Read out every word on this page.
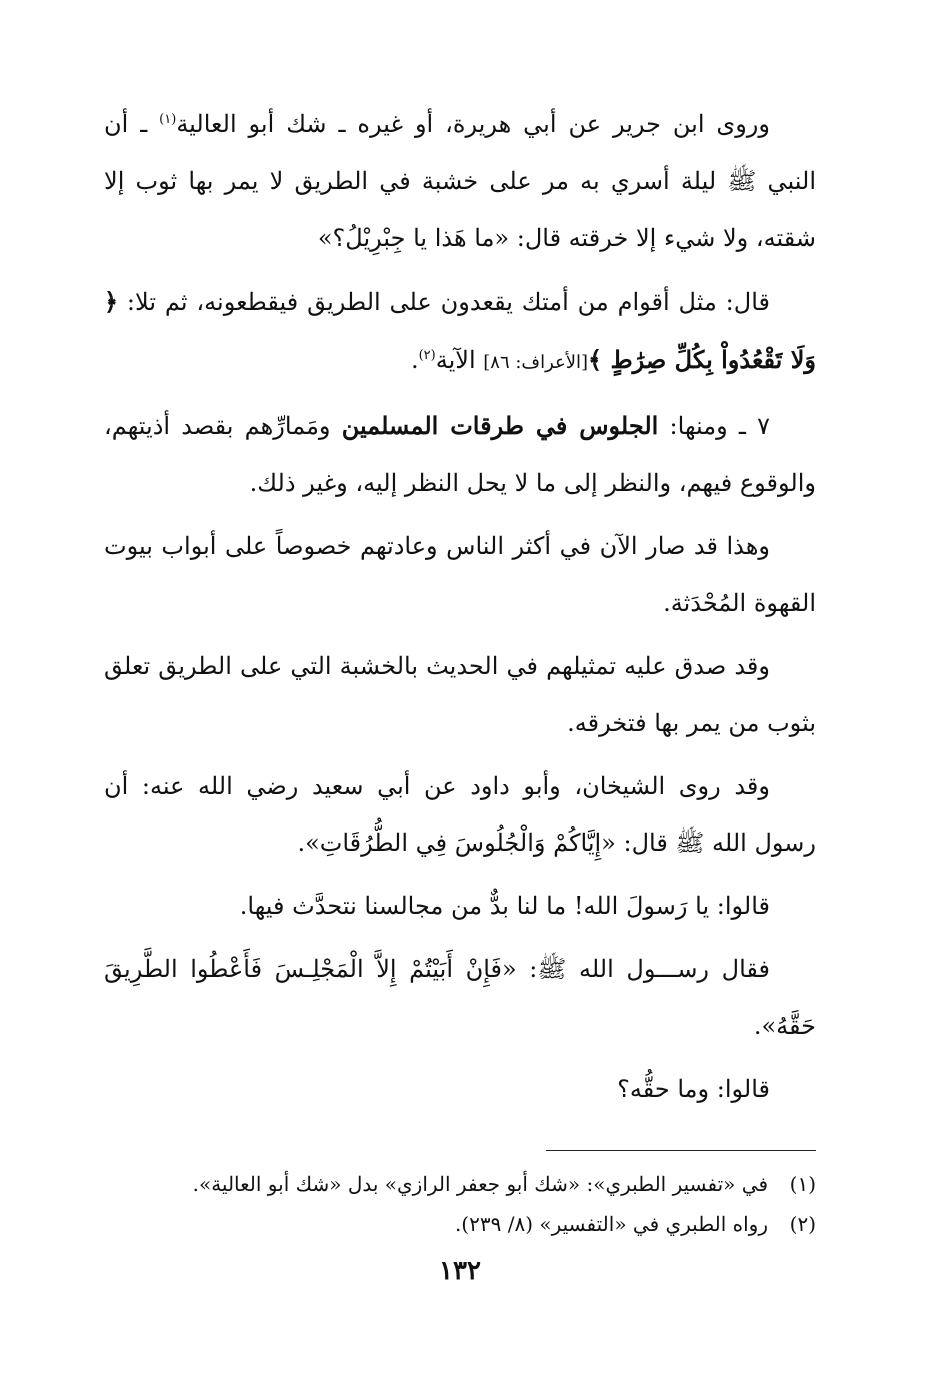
وروى ابن جرير عن أبي هريرة، أو غيره ـ شك أبو العالية$^{(١)}$ ـ أن النبي ﷺ ليلة أسري به مر على خشبة في الطريق لا يمر بها ثوب إلا شقته، ولا شيء إلا خرقته قال: «ما هَذا يا جِبْرِيْلُ؟»

قال: مثل أقوام من أمتك يقعدون على الطريق فيقطعونه، ثم تلا: ﴿ وَلَا تَقْعُدُواْ بِكُلِّ صِرَٰطٍ ﴾[الأعراف: ٨٦] الآية$^{(٢)}$.

٧ ـ ومنها: الجلوس في طرقات المسلمين ومَمارِّهم بقصد أذيتهم، والوقوع فيهم، والنظر إلى ما لا يحل النظر إليه، وغير ذلك.

وهذا قد صار الآن في أكثر الناس وعادتهم خصوصاً على أبواب بيوت القهوة المُحْدَثة.

وقد صدق عليه تمثيلهم في الحديث بالخشبة التي على الطريق تعلق بثوب من يمر بها فتخرقه.

وقد روى الشيخان، وأبو داود عن أبي سعيد رضي الله عنه: أن رسول الله ﷺ قال: «إِيَّاكُمْ وَالْجُلُوسَ فِي الطُّرُقَاتِ».

قالوا: يا رَسولَ الله! ما لنا بدٌّ من مجالسنا نتحدَّث فيها.

فقال رســـول الله ﷺ: «فَإِنْ أَبَيْتُمْ إِلاَّ الْمَجْلِـسَ فَأَعْطُوا الطَّرِيقَ حَقَّهُ».

قالوا: وما حقُّه؟

(١)
في «تفسير الطبري»: «شك أبو جعفر الرازي» بدل «شك أبو العالية».
(٢)
رواه الطبري في «التفسير» (٨/ ٢٣٩).
١٣٢
